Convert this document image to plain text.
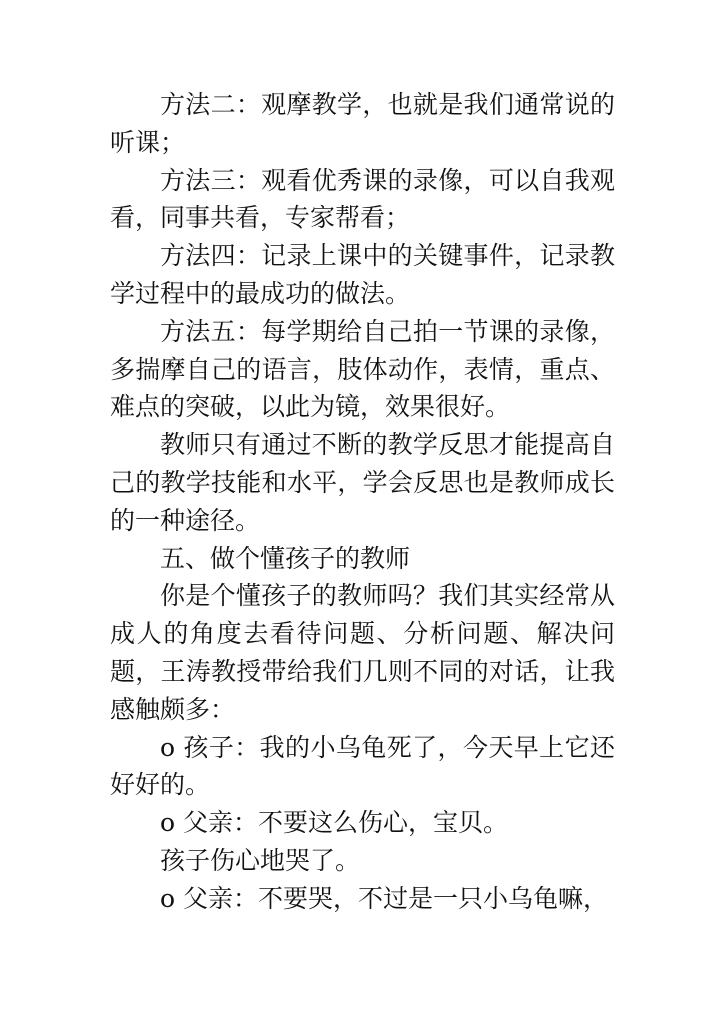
方法二：观摩教学，也就是我们通常说的听课；

方法三：观看优秀课的录像，可以自我观看，同事共看，专家帮看；

方法四：记录上课中的关键事件，记录教学过程中的最成功的做法。

方法五：每学期给自己拍一节课的录像，多揣摩自己的语言，肢体动作，表情，重点、难点的突破，以此为镜，效果很好。

教师只有通过不断的教学反思才能提高自己的教学技能和水平，学会反思也是教师成长的一种途径。

五、做个懂孩子的教师

你是个懂孩子的教师吗？我们其实经常从成人的角度去看待问题、分析问题、解决问题，王涛教授带给我们几则不同的对话，让我感触颇多：

o 孩子：我的小乌龟死了，今天早上它还好好的。

o 父亲：不要这么伤心，宝贝。

孩子伤心地哭了。

o 父亲：不要哭，不过是一只小乌龟嘛，
